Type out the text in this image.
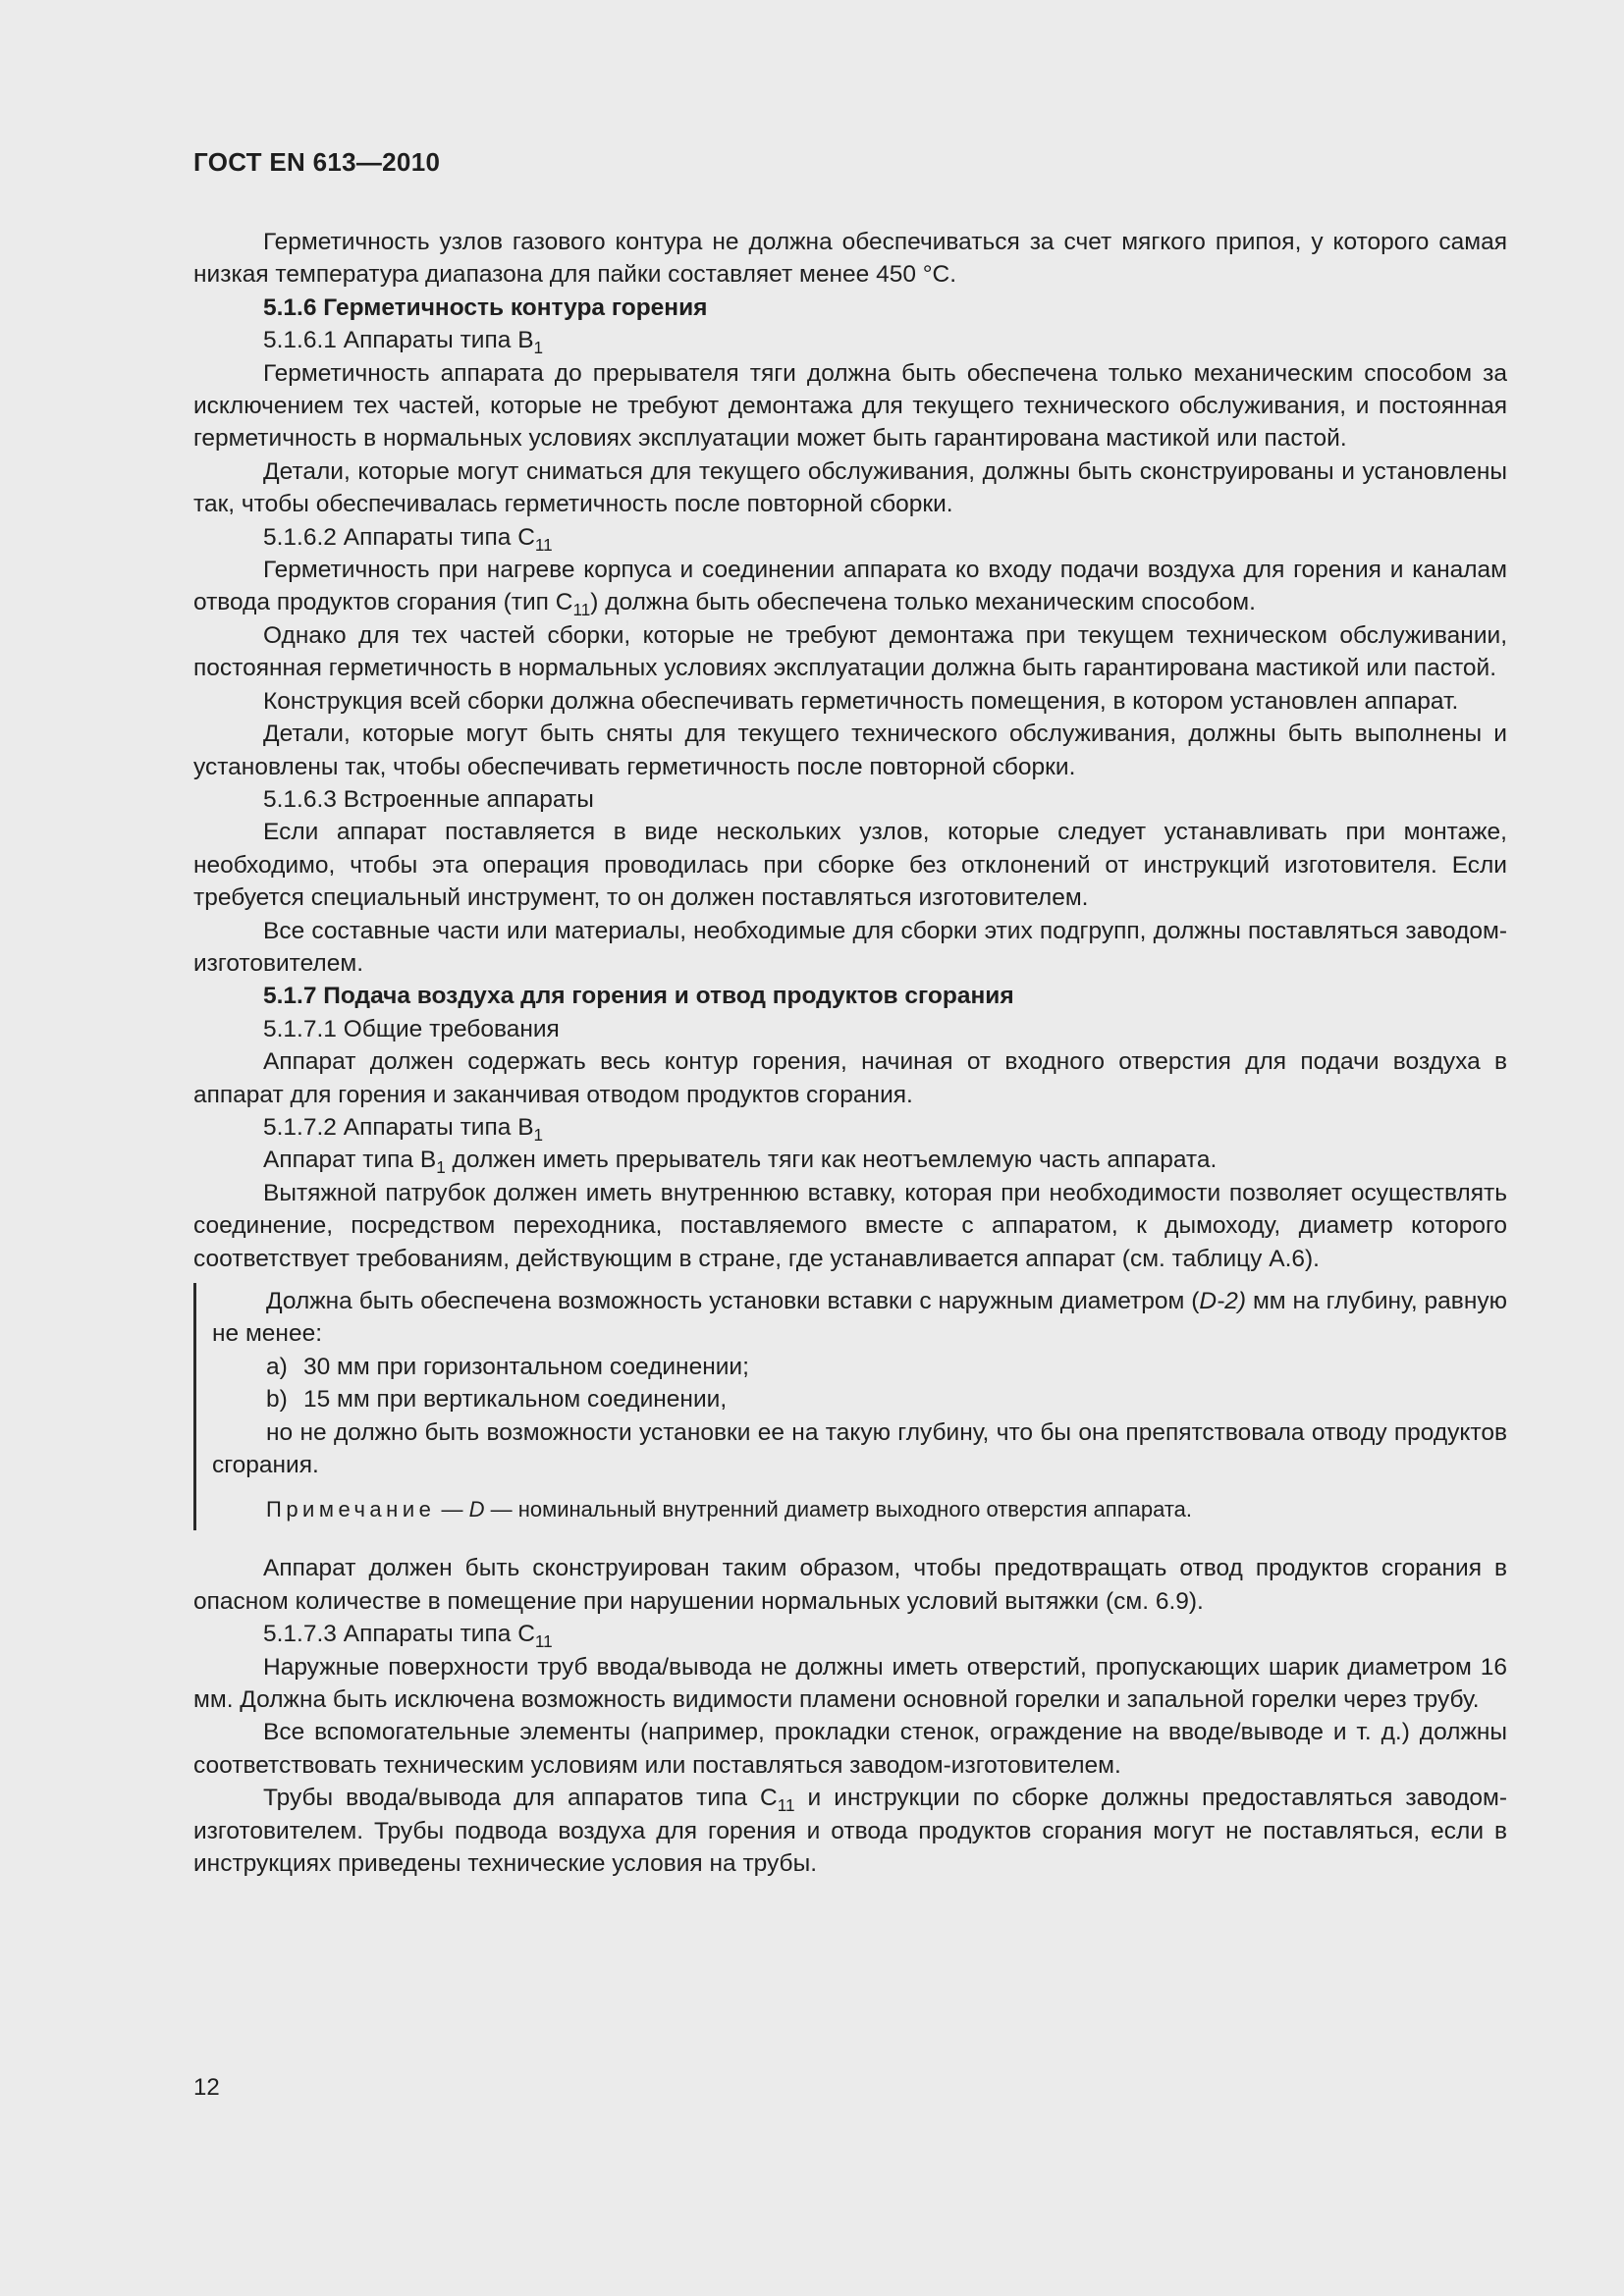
ГОСТ EN 613—2010

Герметичность узлов газового контура не должна обеспечиваться за счет мягкого припоя, у которого самая низкая температура диапазона для пайки составляет менее 450 °С.

5.1.6 Герметичность контура горения

5.1.6.1 Аппараты типа $В_1$

Герметичность аппарата до прерывателя тяги должна быть обеспечена только механическим способом за исключением тех частей, которые не требуют демонтажа для текущего технического обслуживания, и постоянная герметичность в нормальных условиях эксплуатации может быть гарантирована мастикой или пастой.

Детали, которые могут сниматься для текущего обслуживания, должны быть сконструированы и установлены так, чтобы обеспечивалась герметичность после повторной сборки.

5.1.6.2 Аппараты типа $С_{11}$

Герметичность при нагреве корпуса и соединении аппарата ко входу подачи воздуха для горения и каналам отвода продуктов сгорания (тип $С_{11}$) должна быть обеспечена только механическим способом.

Однако для тех частей сборки, которые не требуют демонтажа при текущем техническом обслуживании, постоянная герметичность в нормальных условиях эксплуатации должна быть гарантирована мастикой или пастой.

Конструкция всей сборки должна обеспечивать герметичность помещения, в котором установлен аппарат.

Детали, которые могут быть сняты для текущего технического обслуживания, должны быть выполнены и установлены так, чтобы обеспечивать герметичность после повторной сборки.

5.1.6.3 Встроенные аппараты

Если аппарат поставляется в виде нескольких узлов, которые следует устанавливать при монтаже, необходимо, чтобы эта операция проводилась при сборке без отклонений от инструкций изготовителя. Если требуется специальный инструмент, то он должен поставляться изготовителем.

Все составные части или материалы, необходимые для сборки этих подгрупп, должны поставляться заводом-изготовителем.

5.1.7 Подача воздуха для горения и отвод продуктов сгорания

5.1.7.1 Общие требования

Аппарат должен содержать весь контур горения, начиная от входного отверстия для подачи воздуха в аппарат для горения и заканчивая отводом продуктов сгорания.

5.1.7.2 Аппараты типа $В_1$

Аппарат типа $В_1$ должен иметь прерыватель тяги как неотъемлемую часть аппарата.

Вытяжной патрубок должен иметь внутреннюю вставку, которая при необходимости позволяет осуществлять соединение, посредством переходника, поставляемого вместе с аппаратом, к дымоходу, диаметр которого соответствует требованиям, действующим в стране, где устанавливается аппарат (см. таблицу А.6).

Должна быть обеспечена возможность установки вставки с наружным диаметром (D-2) мм на глубину, равную не менее:

a) 30 мм при горизонтальном соединении;

b) 15 мм при вертикальном соединении,

но не должно быть возможности установки ее на такую глубину, что бы она препятствовала отводу продуктов сгорания.

Примечание — D — номинальный внутренний диаметр выходного отверстия аппарата.

Аппарат должен быть сконструирован таким образом, чтобы предотвращать отвод продуктов сгорания в опасном количестве в помещение при нарушении нормальных условий вытяжки (см. 6.9).

5.1.7.3 Аппараты типа $С_{11}$

Наружные поверхности труб ввода/вывода не должны иметь отверстий, пропускающих шарик диаметром 16 мм. Должна быть исключена возможность видимости пламени основной горелки и запальной горелки через трубу.

Все вспомогательные элементы (например, прокладки стенок, ограждение на вводе/выводе и т. д.) должны соответствовать техническим условиям или поставляться заводом-изготовителем.

Трубы ввода/вывода для аппаратов типа $С_{11}$ и инструкции по сборке должны предоставляться заводом-изготовителем. Трубы подвода воздуха для горения и отвода продуктов сгорания могут не поставляться, если в инструкциях приведены технические условия на трубы.

12
